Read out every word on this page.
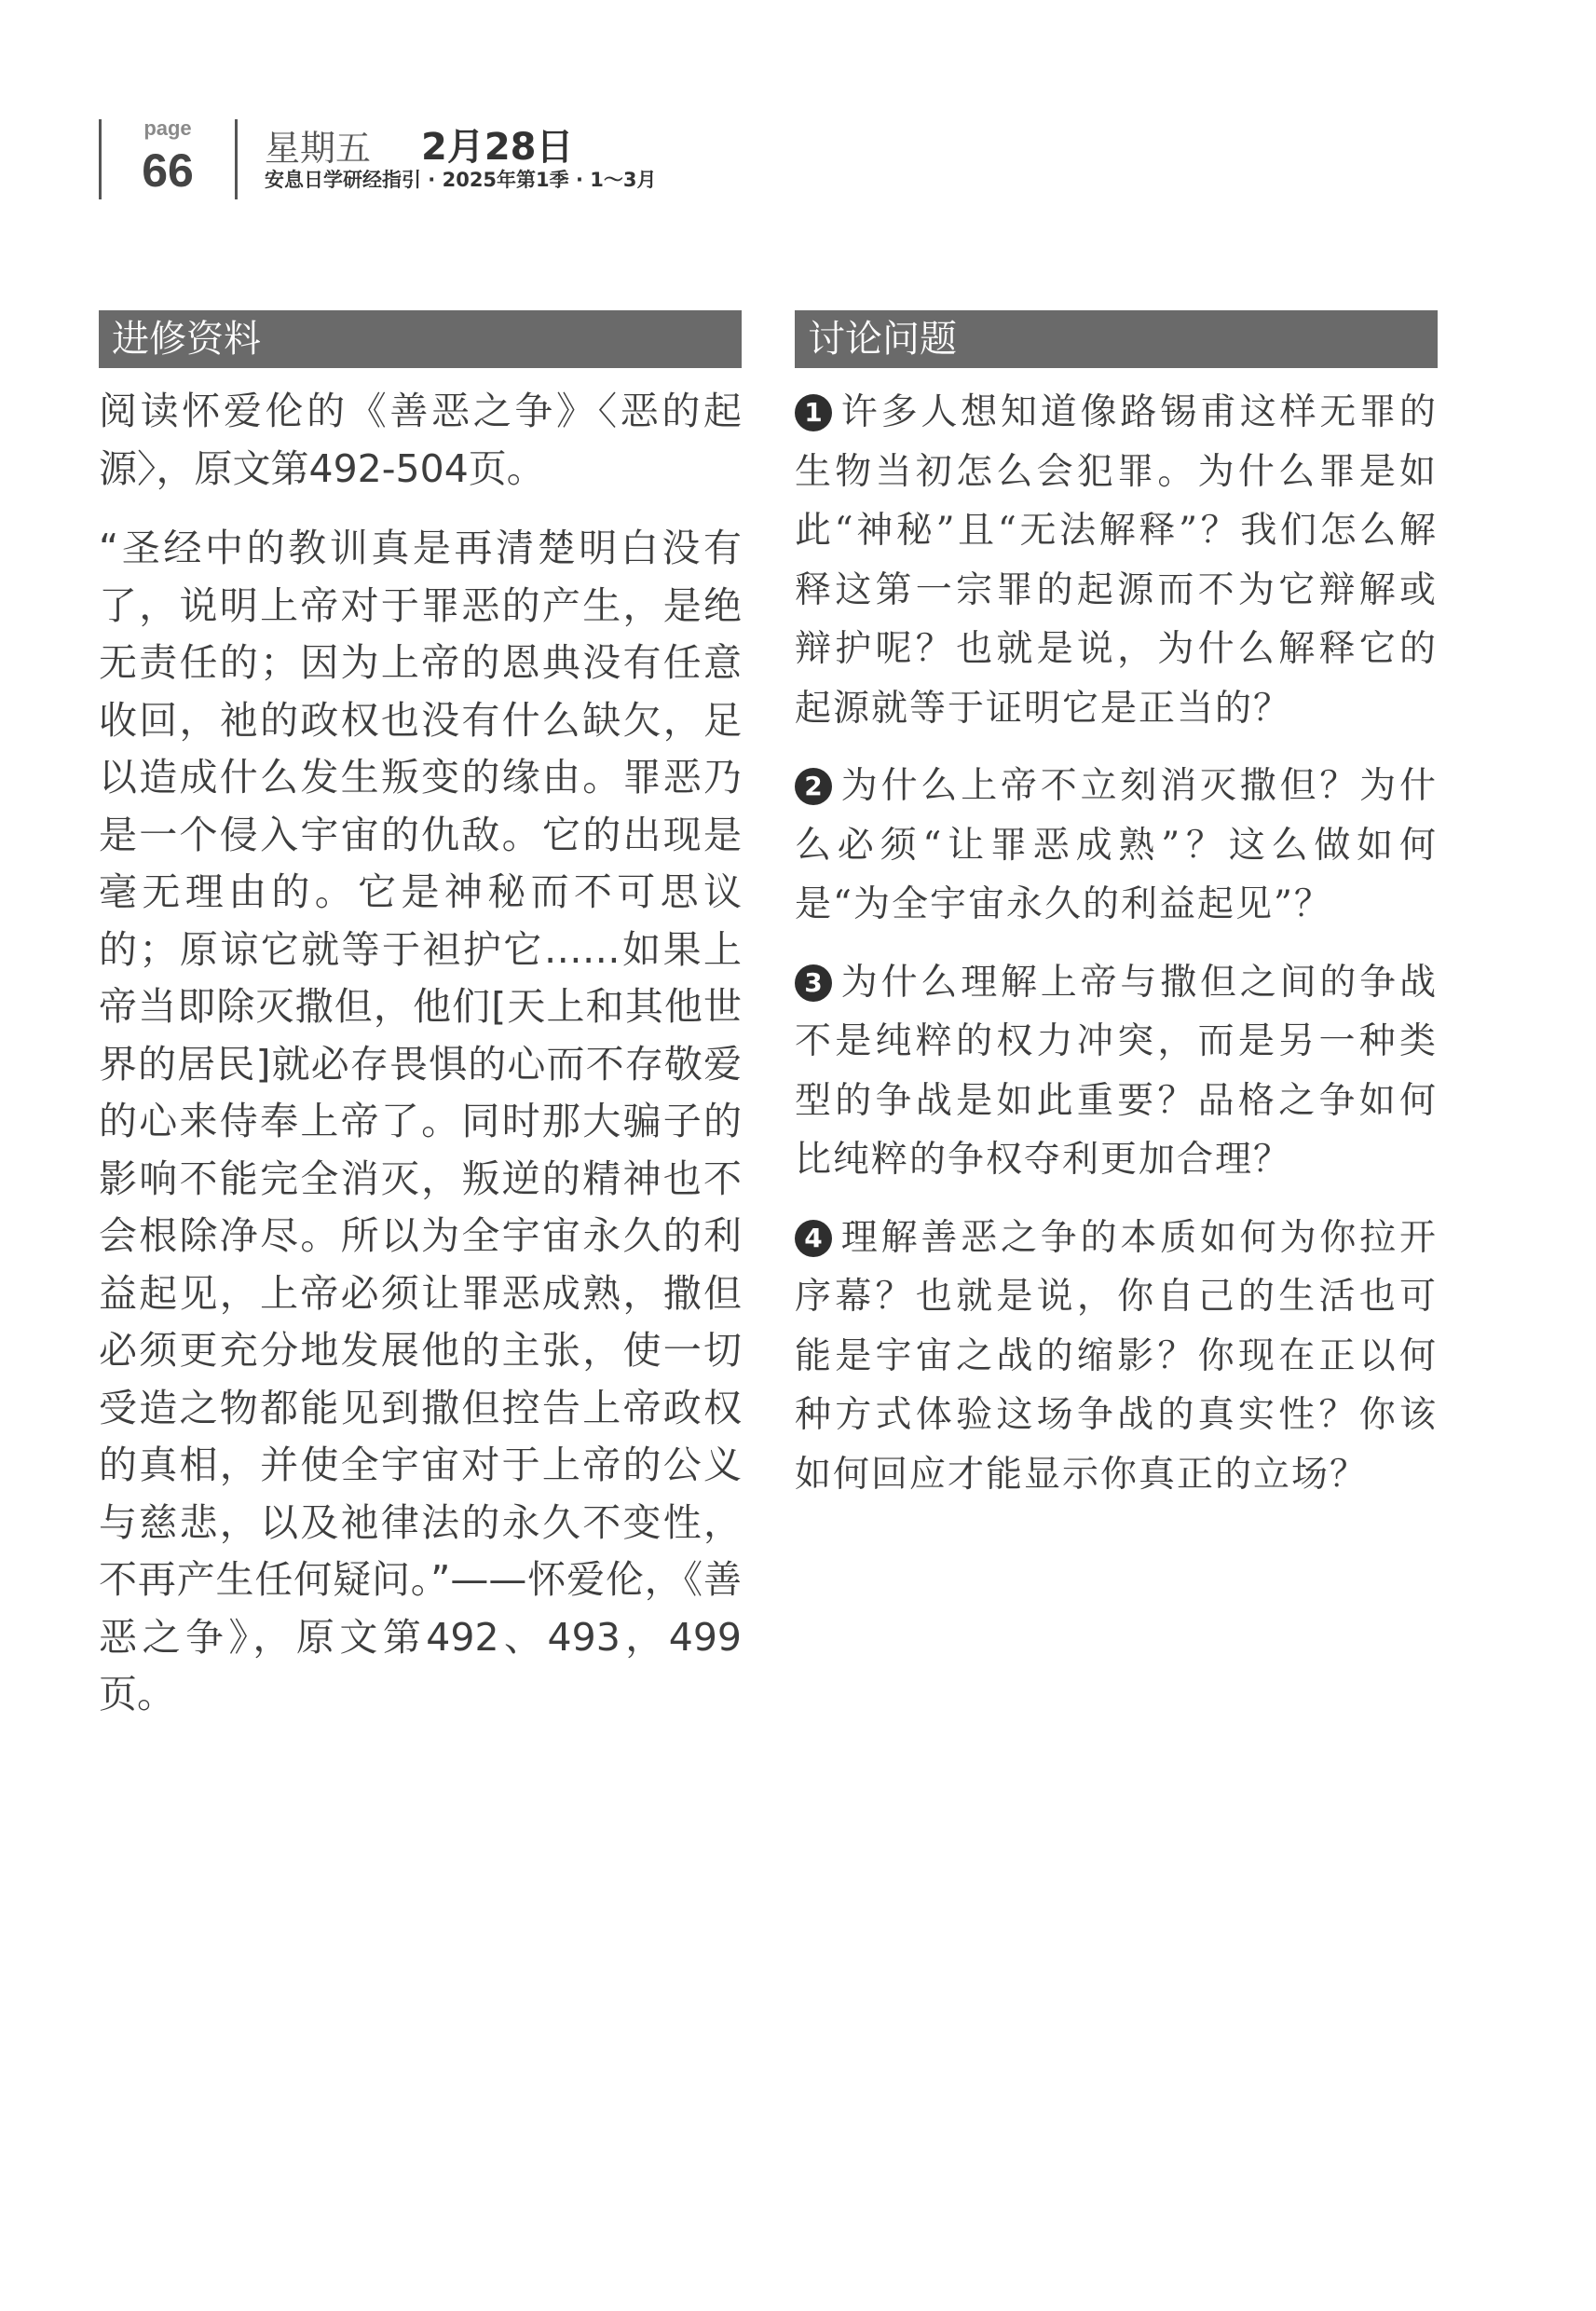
page
66	星期五 2月28日
安息日学研经指引 · 2025年第1季 · 1～3月
进修资料

阅读怀爱伦的《善恶之争》〈恶的起源〉，原文第492-504页。

“圣经中的教训真是再清楚明白没有了，说明上帝对于罪恶的产生，是绝无责任的；因为上帝的恩典没有任意收回，祂的政权也没有什么缺欠，足以造成什么发生叛变的缘由。罪恶乃是一个侵入宇宙的仇敌。它的出现是毫无理由的。它是神秘而不可思议的；原谅它就等于袒护它……如果上帝当即除灭撒但，他们[天上和其他世界的居民]就必存畏惧的心而不存敬爱的心来侍奉上帝了。同时那大骗子的影响不能完全消灭，叛逆的精神也不会根除净尽。所以为全宇宙永久的利益起见，上帝必须让罪恶成熟，撒但必须更充分地发展他的主张，使一切受造之物都能见到撒但控告上帝政权的真相，并使全宇宙对于上帝的公义与慈悲，以及祂律法的永久不变性，不再产生任何疑问。”——怀爱伦，《善恶之争》，原文第492、493，499页。

讨论问题

1 许多人想知道像路锡甫这样无罪的生物当初怎么会犯罪。为什么罪是如此“神秘”且“无法解释”？我们怎么解释这第一宗罪的起源而不为它辩解或辩护呢？也就是说，为什么解释它的起源就等于证明它是正当的？

2 为什么上帝不立刻消灭撒但？为什么必须“让罪恶成熟”？这么做如何是“为全宇宙永久的利益起见”？

3 为什么理解上帝与撒但之间的争战不是纯粹的权力冲突，而是另一种类型的争战是如此重要？品格之争如何比纯粹的争权夺利更加合理？

4 理解善恶之争的本质如何为你拉开序幕？也就是说，你自己的生活也可能是宇宙之战的缩影？你现在正以何种方式体验这场争战的真实性？你该如何回应才能显示你真正的立场？
